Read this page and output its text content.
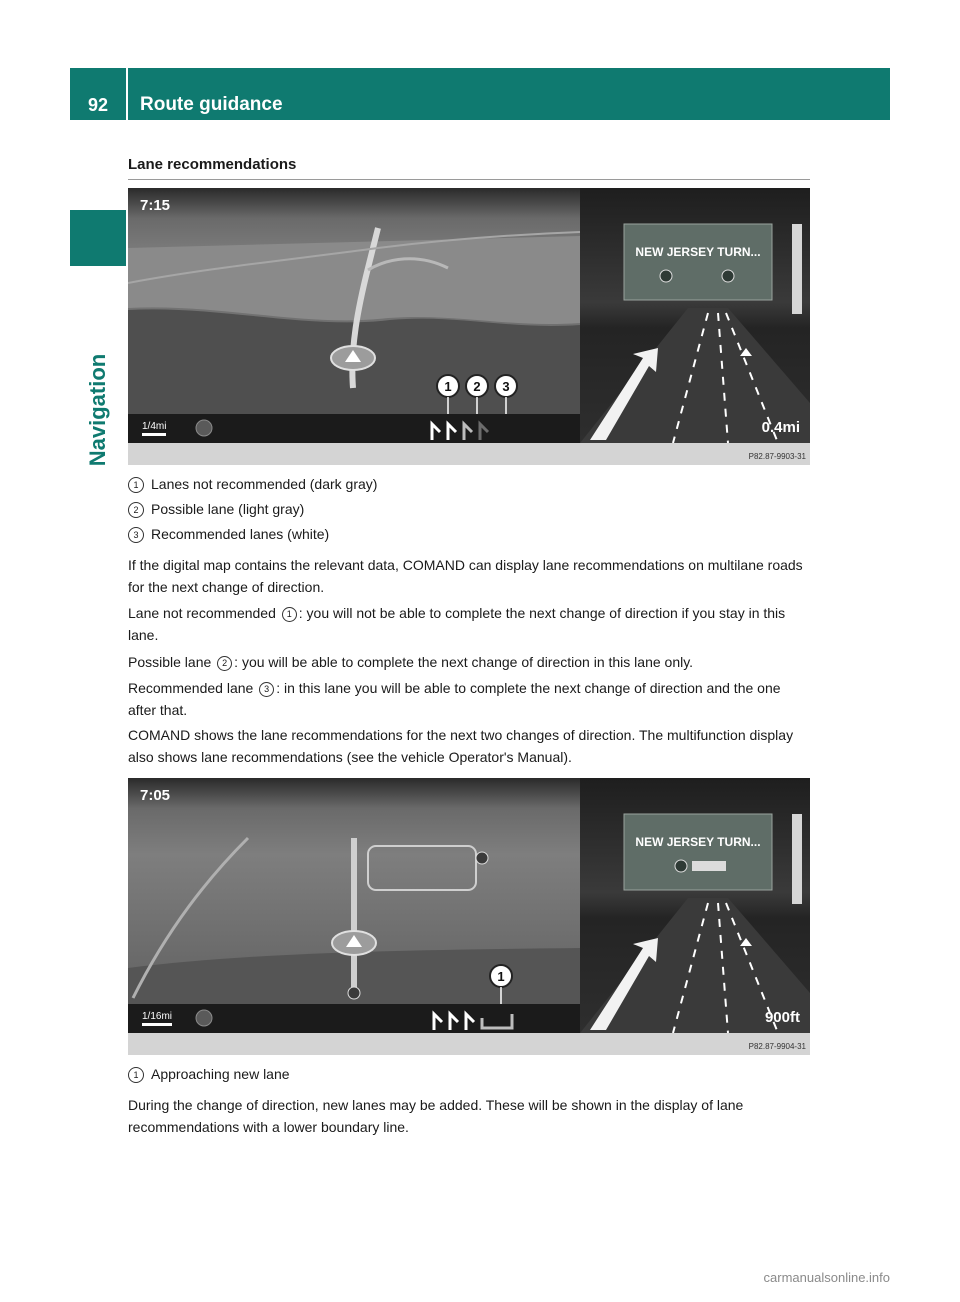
92	Route guidance
Navigation
Lane recommendations
1 2 3
7:15
1/4mi
NEW JERSEY TURN...
0.4mi
P82.87-9903-31
1 Lanes not recommended (dark gray)
2 Possible lane (light gray)
3 Recommended lanes (white)
If the digital map contains the relevant data, COMAND can display lane recommendations on multilane roads for the next change of direction.
Lane not recommended 1 : you will not be able to complete the next change of direction if you stay in this lane.
Possible lane 2 : you will be able to complete the next change of direction in this lane only.
Recommended lane 3 : in this lane you will be able to complete the next change of direction and the one after that.
COMAND shows the lane recommendations for the next two changes of direction. The multifunction display also shows lane recommendations (see the vehicle Operator's Manual).
1
7:05
1/16mi
NEW JERSEY TURN...
900ft
P82.87-9904-31
1 Approaching new lane
During the change of direction, new lanes may be added. These will be shown in the display of lane recommendations with a lower boundary line.
carmanualsonline.info
